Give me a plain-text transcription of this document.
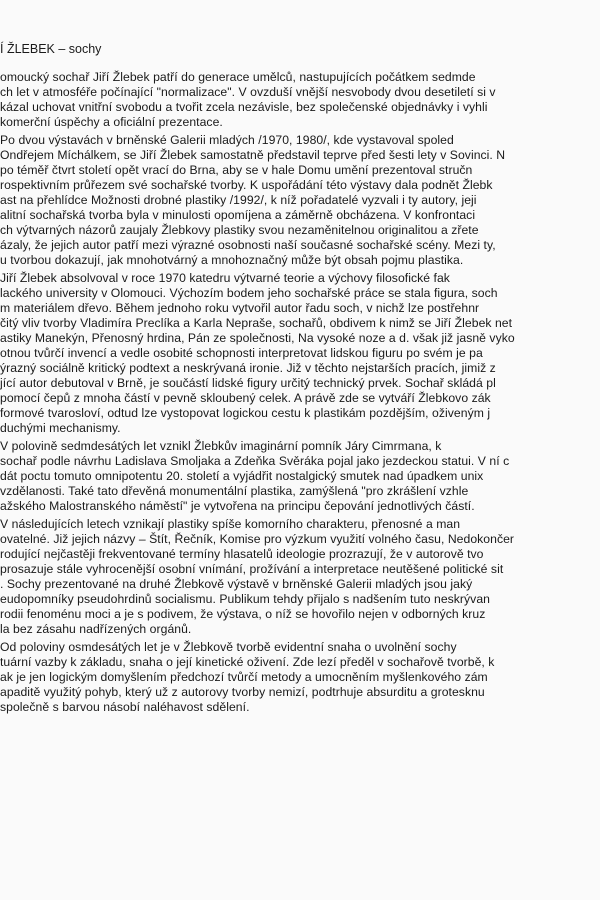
Í ŽLEBEK – sochy
omoucký sochař Jiří Žlebek patří do generace umělců, nastupujících počátkem sedmde
ch let v atmosféře počínající "normalizace". V ovzduší vnější nesvobody dvou desetiletí si v
kázal uchovat vnitřní svobodu a tvořit zcela nezávisle, bez společenské objednávky i vyhli
komerční úspěchy a oficiální prezentace.
Po dvou výstavách v brněnské Galerii mladých /1970, 1980/, kde vystavoval spoled
Ondřejem Míchálkem, se Jiří Žlebek samostatně představil teprve před šesti lety v Sovinci. N
po téměř čtvrt století opět vrací do Brna, aby se v hale Domu umění prezentoval stručn
rospektivním průřezem své sochařské tvorby. K uspořádání této výstavy dala podnět Žlebk
ast na přehlídce Možnosti drobné plastiky /1992/, k níž pořadatelé vyzvali i ty autory, jeji
alitní sochařská tvorba byla v minulosti opomíjena a záměrně obcházena. V konfrontaci
ch výtvarných názorů zaujaly Žlebkovy plastiky svou nezaměnitelnou originalitou a zřete
ázaly, že jejich autor patří mezi výrazné osobnosti naší současné sochařské scény. Mezi ty,
u tvorbou dokazují, jak mnohotvárný a mnohoznačný může být obsah pojmu plastika.
Jiří Žlebek absolvoval v roce 1970 katedru výtvarné teorie a výchovy filosofické fak
lackého university v Olomouci. Výchozím bodem jeho sochařské práce se stala figura, soch
m materiálem dřevo. Během jednoho roku vytvořil autor řadu soch, v nichž lze postřehnr
čitý vliv tvorby Vladimíra Preclíka a Karla Nepraše, sochařů, obdivem k nimž se Jiří Žlebek net
astiky Manekýn, Přenosný hrdina, Pán ze společnosti, Na vysoké noze a d. však již jasně vyko
otnou tvůrčí invencí a vedle osobité schopnosti interpretovat lidskou figuru po svém je pa
ýrazný sociálně kritický podtext a neskrývaná ironie. Již v těchto nejstarších pracích, jimiž z
jící autor debutoval v Brně, je součástí lidské figury určitý technický prvek. Sochař skládá pl
pomocí čepů z mnoha částí v pevně skloubený celek. A právě zde se vytváří Žlebkovo zák
formové tvarosloví, odtud lze vystopovat logickou cestu k plastikám pozdějším, oživeným j
duchými mechanismy.
V polovině sedmdesátých let vznikl Žlebkův imaginární pomník Járy Cimrmana, k
sochař podle návrhu Ladislava Smoljaka a Zdeňka Svěráka pojal jako jezdeckou statui. V ní c
dát poctu tomuto omnipotentu 20. století a vyjádřit nostalgický smutek nad úpadkem unix
vzdělanosti. Také tato dřevěná monumentální plastika, zamýšlená "pro zkrášlení vzhle
ažského Malostranského náměstí" je vytvořena na principu čepování jednotlivých částí.
V následujících letech vznikají plastiky spíše komorního charakteru, přenosné a man
ovatelné. Již jejich názvy – Štít, Řečník, Komise pro výzkum využití volného času, Nedokončer
rodující nejčastěji frekventované termíny hlasatelů ideologie prozrazují, že v autorově tvo
prosazuje stále vyhrocenější osobní vnímání, prožívání a interpretace neutěšené politické sit
. Sochy prezentované na druhé Žlebkově výstavě v brněnské Galerii mladých jsou jaký
eudopomníky pseudohrdinů socialismu. Publikum tehdy přijalo s nadšením tuto neskrývan
rodii fenoménu moci a je s podivem, že výstava, o níž se hovořilo nejen v odborných kruz
la bez zásahu nadřízených orgánů.
Od poloviny osmdesátých let je v Žlebkově tvorbě evidentní snaha o uvolnění sochy
tuární vazby k základu, snaha o její kinetické oživení. Zde lezí předěl v sochařově tvorbě, k
ak je jen logickým domyšlením předchozí tvůrčí metody a umocněním myšlenkového zám
apaditě využitý pohyb, který už z autorovy tvorby nemizí, podtrhuje absurditu a grotesknu
společně s barvou násobí naléhavost sdělení.
